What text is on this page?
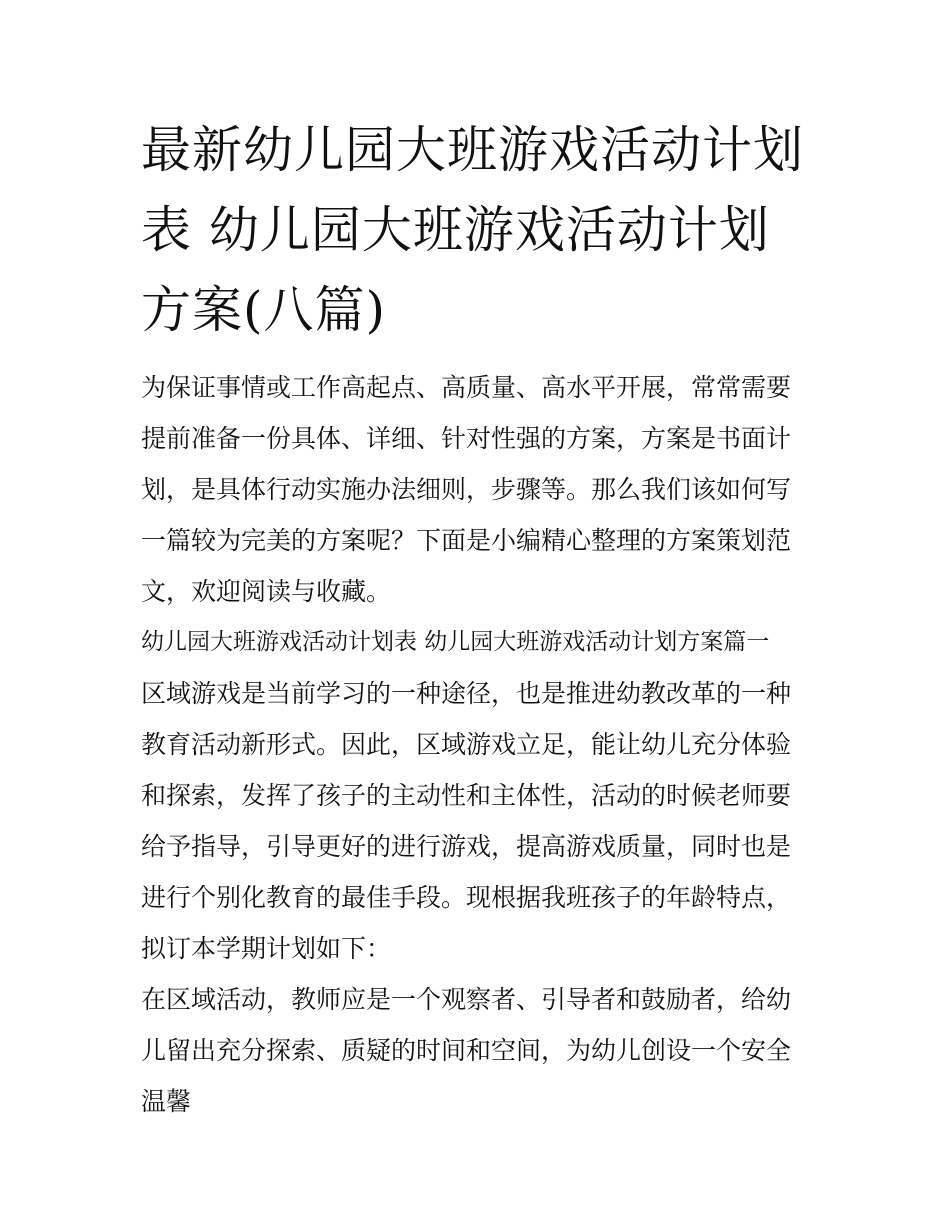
最新幼儿园大班游戏活动计划表 幼儿园大班游戏活动计划方案(八篇)

为保证事情或工作高起点、高质量、高水平开展，常常需要提前准备一份具体、详细、针对性强的方案，方案是书面计划，是具体行动实施办法细则，步骤等。那么我们该如何写一篇较为完美的方案呢？下面是小编精心整理的方案策划范文，欢迎阅读与收藏。

幼儿园大班游戏活动计划表 幼儿园大班游戏活动计划方案篇一

区域游戏是当前学习的一种途径，也是推进幼教改革的一种教育活动新形式。因此，区域游戏立足，能让幼儿充分体验和探索，发挥了孩子的主动性和主体性，活动的时候老师要给予指导，引导更好的进行游戏，提高游戏质量，同时也是进行个别化教育的最佳手段。现根据我班孩子的年龄特点，拟订本学期计划如下：

在区域活动，教师应是一个观察者、引导者和鼓励者，给幼儿留出充分探索、质疑的时间和空间，为幼儿创设一个安全温馨
